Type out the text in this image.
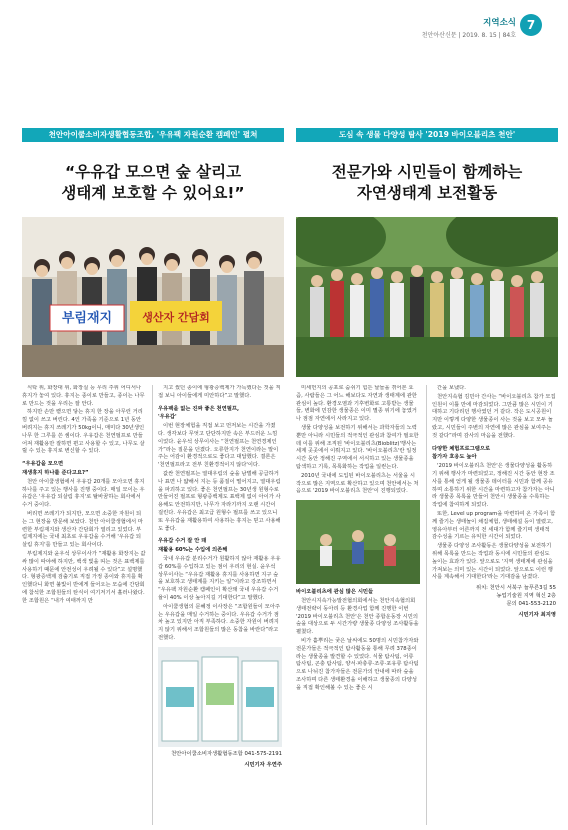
지역소식
천안아산신문 | 2019. 8. 15 | 84호
7
천안아이쿱소비자생활협동조합, '우유팩 자원순환 캠페인' 펼쳐
“우유갑 모으면 숲 살리고
생태계 보호할 수 있어요!”
부림재지	생산자 간담회

식탁 위, 화장대 위, 화장실 등 우리 주위 어디서나 휴지가 놓여 있다. 휴지는 종이로 만들고, 종이는 나무로 만드는 것을 우리는 잘 안다.

하지만 손만 뻗으면 닿는 휴지 한 장을 아무런 거리낌 없이 쓰고 버린다. 4인 가족을 기준으로 1년 동안 버려지는 휴지 쓰레기가 50kg이니, 매미다 30년생인 나무 한 그루를 쓴 셈이다. 우유갑은 천연펄프로 만들어져 재활용만 잘하면 편고 사용할 수 있고, 나무도 살릴 수 있는 휴지로 변신할 수 있다.

“우유갑을 모으면
재생휴지 하나를 준다고요?”

천안 아이쿱생협에서 우유갑 20개를 모아오면 휴지 하나를 주고 있는 행사를 진행 중이다. 매일 모이는 우유갑은 '우유갑 되살림 휴지'로 탈바꿈하는 회사에서 수거 중이다.

버리면 쓰레기가 되지만, 모으면 소중한 자원이 되는 그 현장을 방문해 보았다. 천안 아이쿱생협에서 마련한 부림재지와 생산자 간담회가 열리고 있었다. 부림제지에는 국내 최초로 우유갑을 수거해 '우유갑 되살림 휴지'를 만들고 있는 회사이다.

부림제지와 윤우석 상무이사가 “재활용 화장지는 값싸 많이 따야해 하지만, 백색 빛을 띠는 것은 표백제를 사용하기 때문에 안전성이 우려될 수 있다”고 설명했다. 형광증백제 검출기로 직접 가정 종이와 휴지를 확인했다니 화면 불빛이 반에게 들어오는 모습에 간담회에 참석한 조합원들의 탄식이 여기저기서 흘러나왔다. 한 조합원은 “내가 여태까지 만

지고 썼던 종이에 형광증백제가 가득했다는 것을 직접 보니 아이들에게 미안하다”고 말했다.

우유팩을 없는 진짜 좋은 천연펄프,
'우유갑'

이번 현장체험을 직접 보고 먼저보는 시간을 가졌다. 생각보다 무엇고 단단하지만 속은 부드러운 느낌이었다. 윤우석 상무이사는 “천연펄프는 천연경제인가”라는 질문을 던졌다. 오류한지가 천연이라는 말이 주는 어감이 환경적으로도 좋다고 대답했다. 결론은 '천연펄프라고 전부 친환경적이지 않다'이다.

값싼 천연펄프는 열대우림의 숲을 남벌해 공급하거나 표면 나 얇해서 지는 등 품질이 떨어지고, 열대우림을 파괴하고 있다. 좋은 천연펄프는 30년생 원형수로 만들어진 펄프로 형광증백제도 표백제 없이 아이가 사용해도 안전하지만, 나무가 자라기까지 오랜 시간이 걸린다. 우유갑은 최고급 원형수 펄프를 쓰고 있으니 또 우유갑을 재활용하여 사용하는 휴지는 믿고 사용해도 좋다.

우유갑 수거 잘 안 돼
재활용 60%는 수입에 의존해

국내 우유갑 분리수거가 원활하지 않아 재활용 우유갑 60%를 수입하고 있는 점이 우리의 현실. 윤우석 상무이사는 “우유갑 재활용 휴지를 사용하면 지구 숲을 보호하고 생태계를 지키는 일”이라고 강조하면서 “우유팩 자원순환 캠페인이 확산돼 국내 우유갑 수거율이 40% 이상 높아지길 기대한다”고 말했다.

아이쿱생협의 문혜정 이사장은 “조합원들이 모아주는 우유갑을 매일 수거하는 중이다. 우유갑 수거가 점차 높고 있지만 아직 부족하다. 소중한 자원이 버려지지 않기 위해서 조합원들의 많은 동참을 바란다”라고 전했다.

천안아이쿱소비자생활협동조합 041-575-2191
시민기자 우연주
도심 속 생물 다양성 탐사 '2019 바이오블리츠 천안'
전문가와 시민들이 함께하는
자연생태계 보전활동

미세먼지의 공포로 숨쉬기 힘든 날들을 겪어본 요즘, 사람들은 그 어느 해보다도 자연과 생태계에 관한 관심이 높다. 환경오염과 기후변화로 고통받는 생물들, 변화에 민감한 생물종은 이미 멸종 위기에 놓였거나 점점 자연에서 사라지고 있다.

생물 다양성을 보전하기 위해서는 과학자들의 노력뿐만 아니라 시민들의 적극적인 관심과 참여가 필요한데 이를 위해 조직된 '바이오블리츠(Bioblitz)'행사는 세계 곳곳에서 이뤄지고 있다. '바이오블리츠'란 일정 시간 동안 정해진 구역에서 서식하고 있는 생물종을 탐색하고 기록, 목록화하는 작업을 일컫는다.

2010년 국내에 도입된 바이오블리츠는 서울을 시작으로 많은 지역으로 확산하고 있으며 천안에서는 처음으로 '2019 바이오블리츠 천안'이 진행되었다.

바이오블리츠에 관심 많은 시민들

천안시지속가능발전협의회에서는 천안지속협의회 생태전략이 동아리 등 환경사업 함께 진행한 이번 '2019 바이오블리츠 천안'은 천안 종합운동장 시민의 숲을 대상으로 두 시간가량 생물종 다양성 조사활동을 펼쳤다.

비가 흩뿌리는 궂은 날씨에도 50명의 시민참가자와 전문가들은 적극적인 탐사활동을 통해 무려 378종이라는 생물종을 발견할 수 있었다. 식물 탐사팀, 어류 탐사팀, 곤충 탐사팀, 양서·파충류·조류·포유류 탐사팀으로 나뉘진 참가자들은 전문가의 안내에 따라 숲을 조사하며 다른 생태환경을 이해하고 생물종의 다양성을 직접 확인해볼 수 있는 좋은 시

간을 보냈다.

천안지속협 김민아 간사는 “바이오블리츠 참가 모집인원이 이틀 만에 마감되었다. 그만큼 많은 시민이 기대하고 기다리던 행사였던 거 같다. 작은 도시공원이지만 이렇게 다양한 생물종이 사는 것을 보고 모두 놀랐고, 시민들이 주변의 자연에 많은 관심을 보여주는 것 같다”라며 감사의 마음을 전했다.

다양한 체험프로그램으로
참가자 호응도 높아

'2019 바이오블리츠 천안'은 생물다양성을 활동하기 위해 행사가 마련되었고, 정해진 시간 동안 현장 조사를 통해 얻게 될 생물종 데이터를 시민과 함께 공유하며 소통하기 위한 시간을 마련하고자 참가자는 아니라 생물종 목록을 만들어 천안시 생물종을 수록하는 작업에 참여하게 되었다.

또한, Level up program을 마련하여 온 가족이 함께 즐기는 생태놀이 채집체험, 생태해설 등이 열렸고, 영유아부터 어른까지 전 세대가 함께 즐기며 생태적 감수성을 기르는 유익한 시간이 되었다.

생물종 다양성 조사활동은 생물다양성을 보전하기 위해 목록을 만드는 작업과 동시에 시민들의 관심도 높이는 효과가 있다. 앞으로도 '지역 생태계에 관심을 가져보는 의미 있는 시간이 되었다. 앞으로도 이런 행사를 계속해서 기대한다'라는 기대감을 남겼다.

위치: 천안시 서북구 늘푸른3길 55
농업기술원 지역 혁신 2층
문의 041-553-2120
시민기자 최지영
